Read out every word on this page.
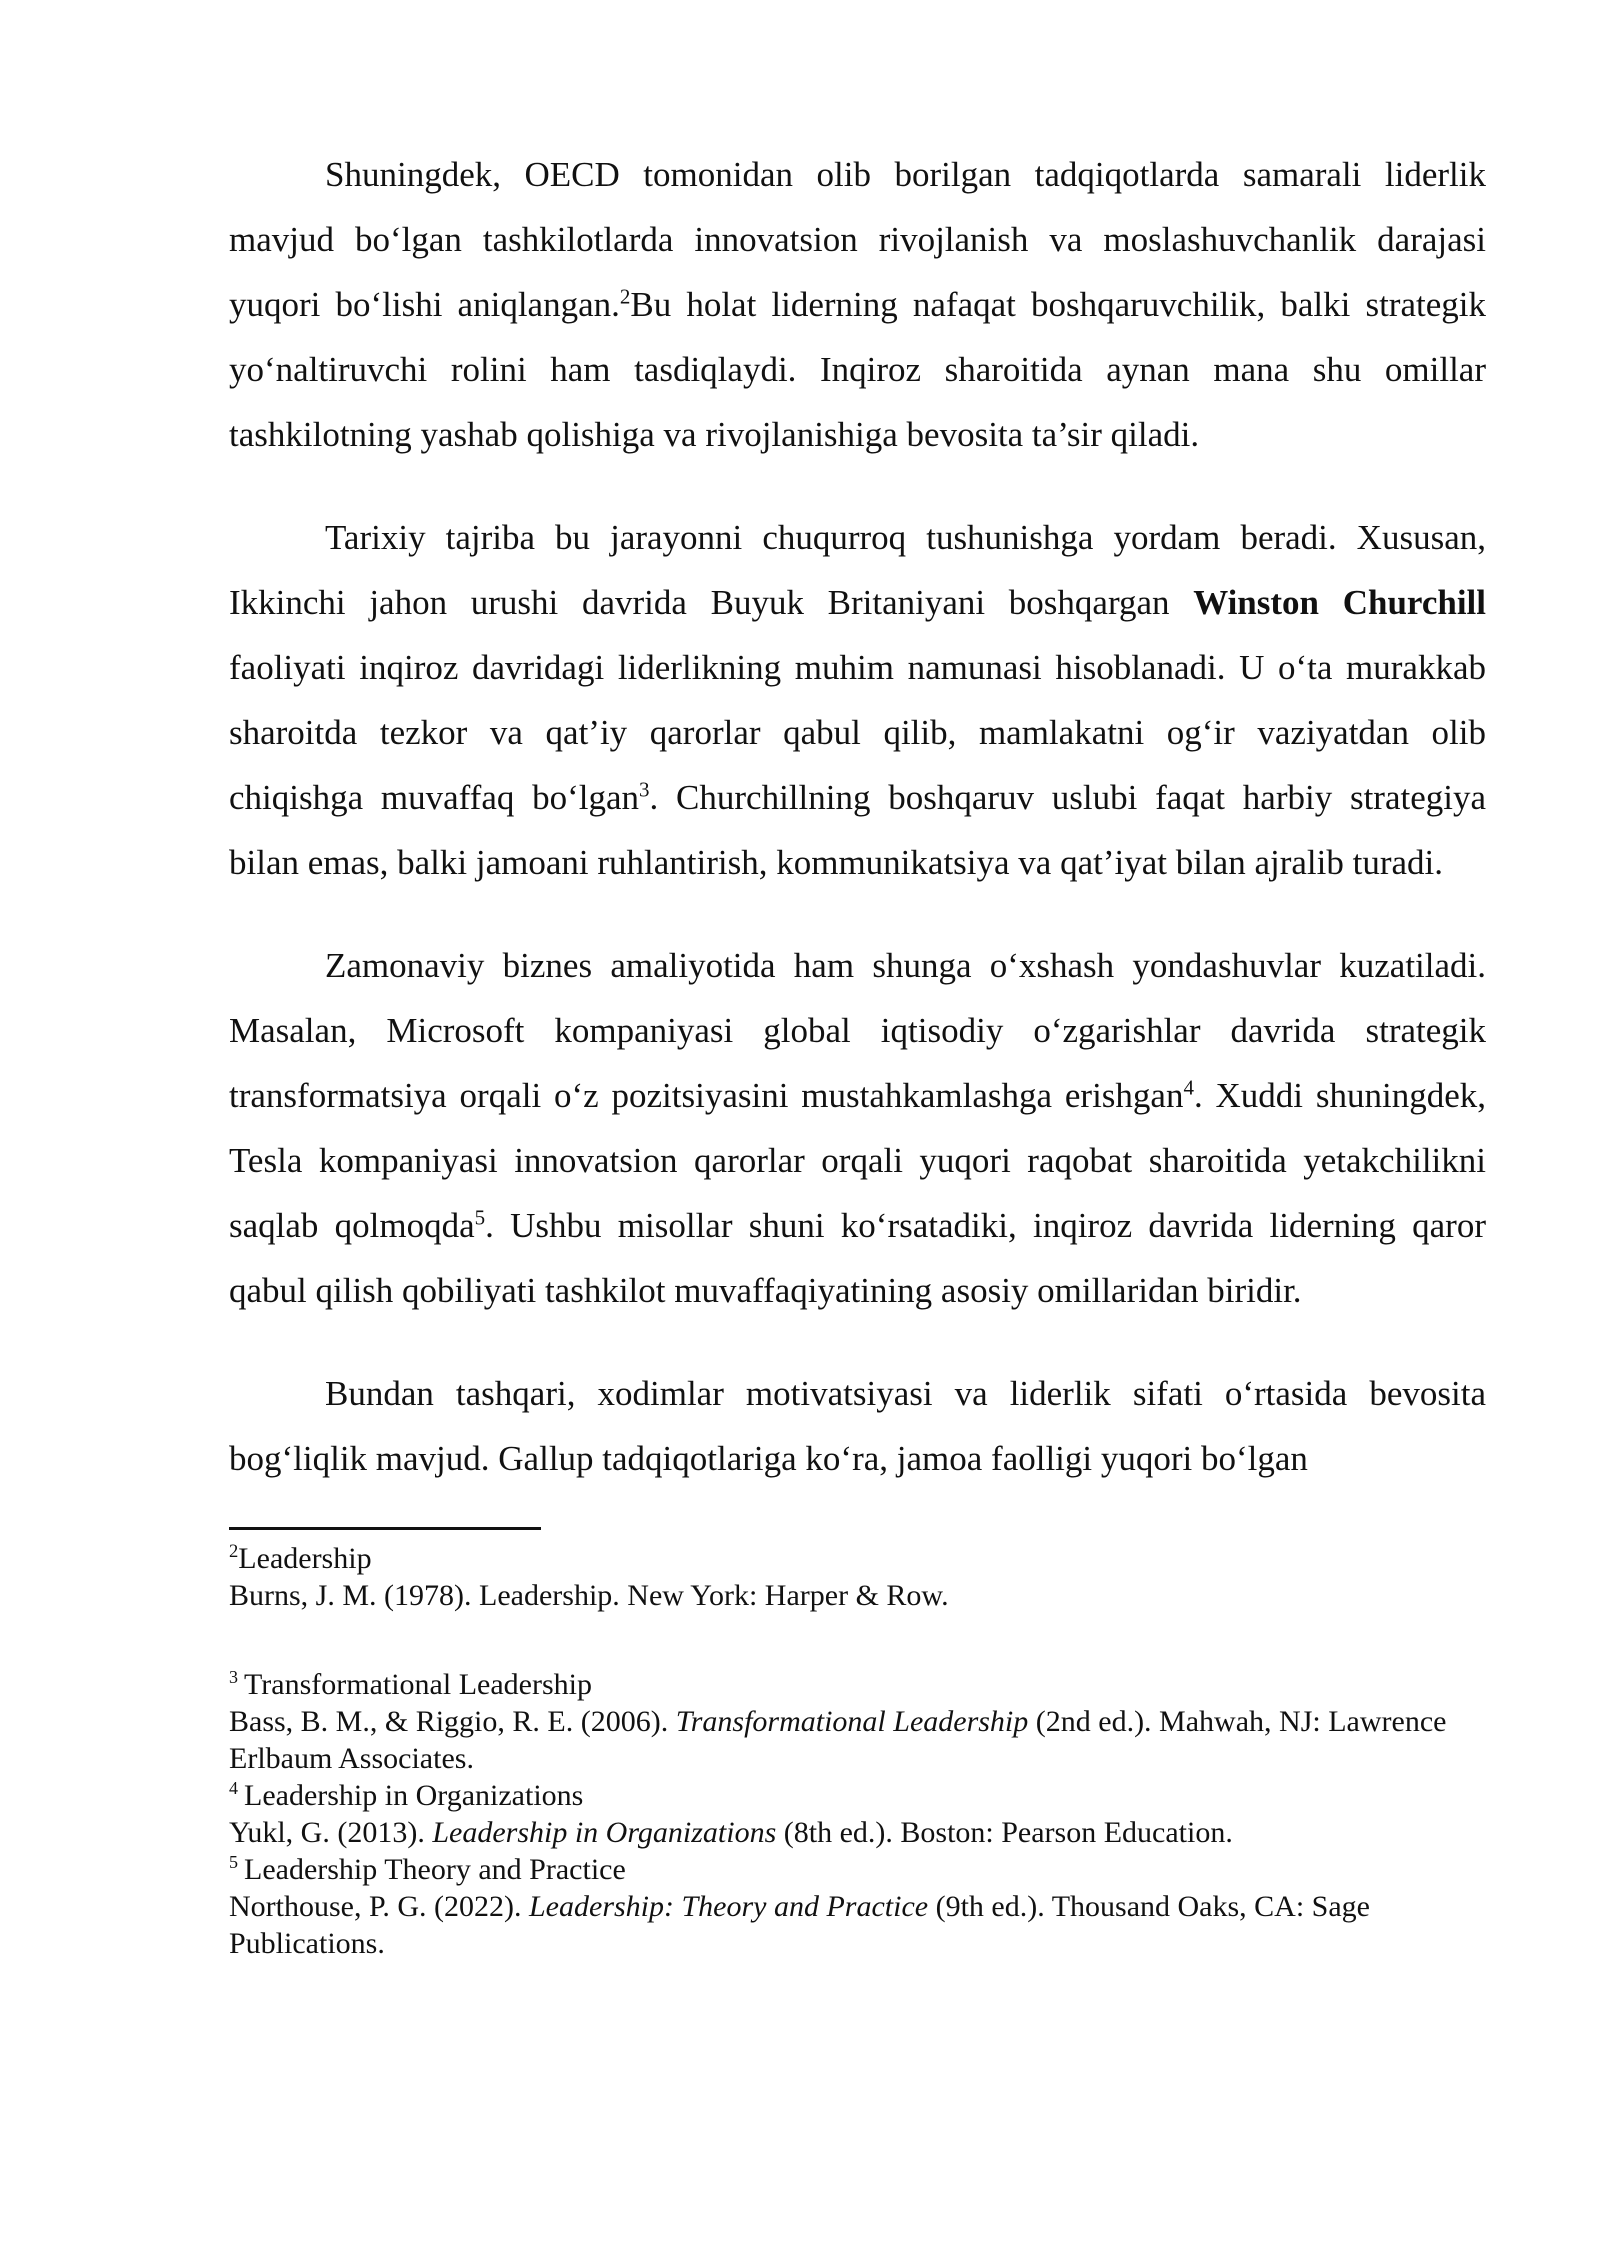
Shuningdek, OECD tomonidan olib borilgan tadqiqotlarda samarali liderlik mavjud bo‘lgan tashkilotlarda innovatsion rivojlanish va moslashuvchanlik darajasi yuqori bo‘lishi aniqlangan.$^2$Bu holat liderning nafaqat boshqaruvchilik, balki strategik yo‘naltiruvchi rolini ham tasdiqlaydi. Inqiroz sharoitida aynan mana shu omillar tashkilotning yashab qolishiga va rivojlanishiga bevosita ta’sir qiladi.

Tarixiy tajriba bu jarayonni chuqurroq tushunishga yordam beradi. Xususan, Ikkinchi jahon urushi davrida Buyuk Britaniyani boshqargan Winston Churchill faoliyati inqiroz davridagi liderlikning muhim namunasi hisoblanadi. U o‘ta murakkab sharoitda tezkor va qat’iy qarorlar qabul qilib, mamlakatni og‘ir vaziyatdan olib chiqishga muvaffaq bo‘lgan$^3$. Churchillning boshqaruv uslubi faqat harbiy strategiya bilan emas, balki jamoani ruhlantirish, kommunikatsiya va qat’iyat bilan ajralib turadi.

Zamonaviy biznes amaliyotida ham shunga o‘xshash yondashuvlar kuzatiladi. Masalan, Microsoft kompaniyasi global iqtisodiy o‘zgarishlar davrida strategik transformatsiya orqali o‘z pozitsiyasini mustahkamlashga erishgan$^4$. Xuddi shuningdek, Tesla kompaniyasi innovatsion qarorlar orqali yuqori raqobat sharoitida yetakchilikni saqlab qolmoqda$^5$. Ushbu misollar shuni ko‘rsatadiki, inqiroz davrida liderning qaror qabul qilish qobiliyati tashkilot muvaffaqiyatining asosiy omillaridan biridir.

Bundan tashqari, xodimlar motivatsiyasi va liderlik sifati o‘rtasida bevosita bog‘liqlik mavjud. Gallup tadqiqotlariga ko‘ra, jamoa faolligi yuqori bo‘lgan

$^2$Leadership
Burns, J. M. (1978). Leadership. New York: Harper & Row.
$^3$ Transformational Leadership
Bass, B. M., & Riggio, R. E. (2006). Transformational Leadership (2nd ed.). Mahwah, NJ: Lawrence Erlbaum Associates.
$^4$ Leadership in Organizations
Yukl, G. (2013). Leadership in Organizations (8th ed.). Boston: Pearson Education.
$^5$ Leadership Theory and Practice
Northouse, P. G. (2022). Leadership: Theory and Practice (9th ed.). Thousand Oaks, CA: Sage Publications.
